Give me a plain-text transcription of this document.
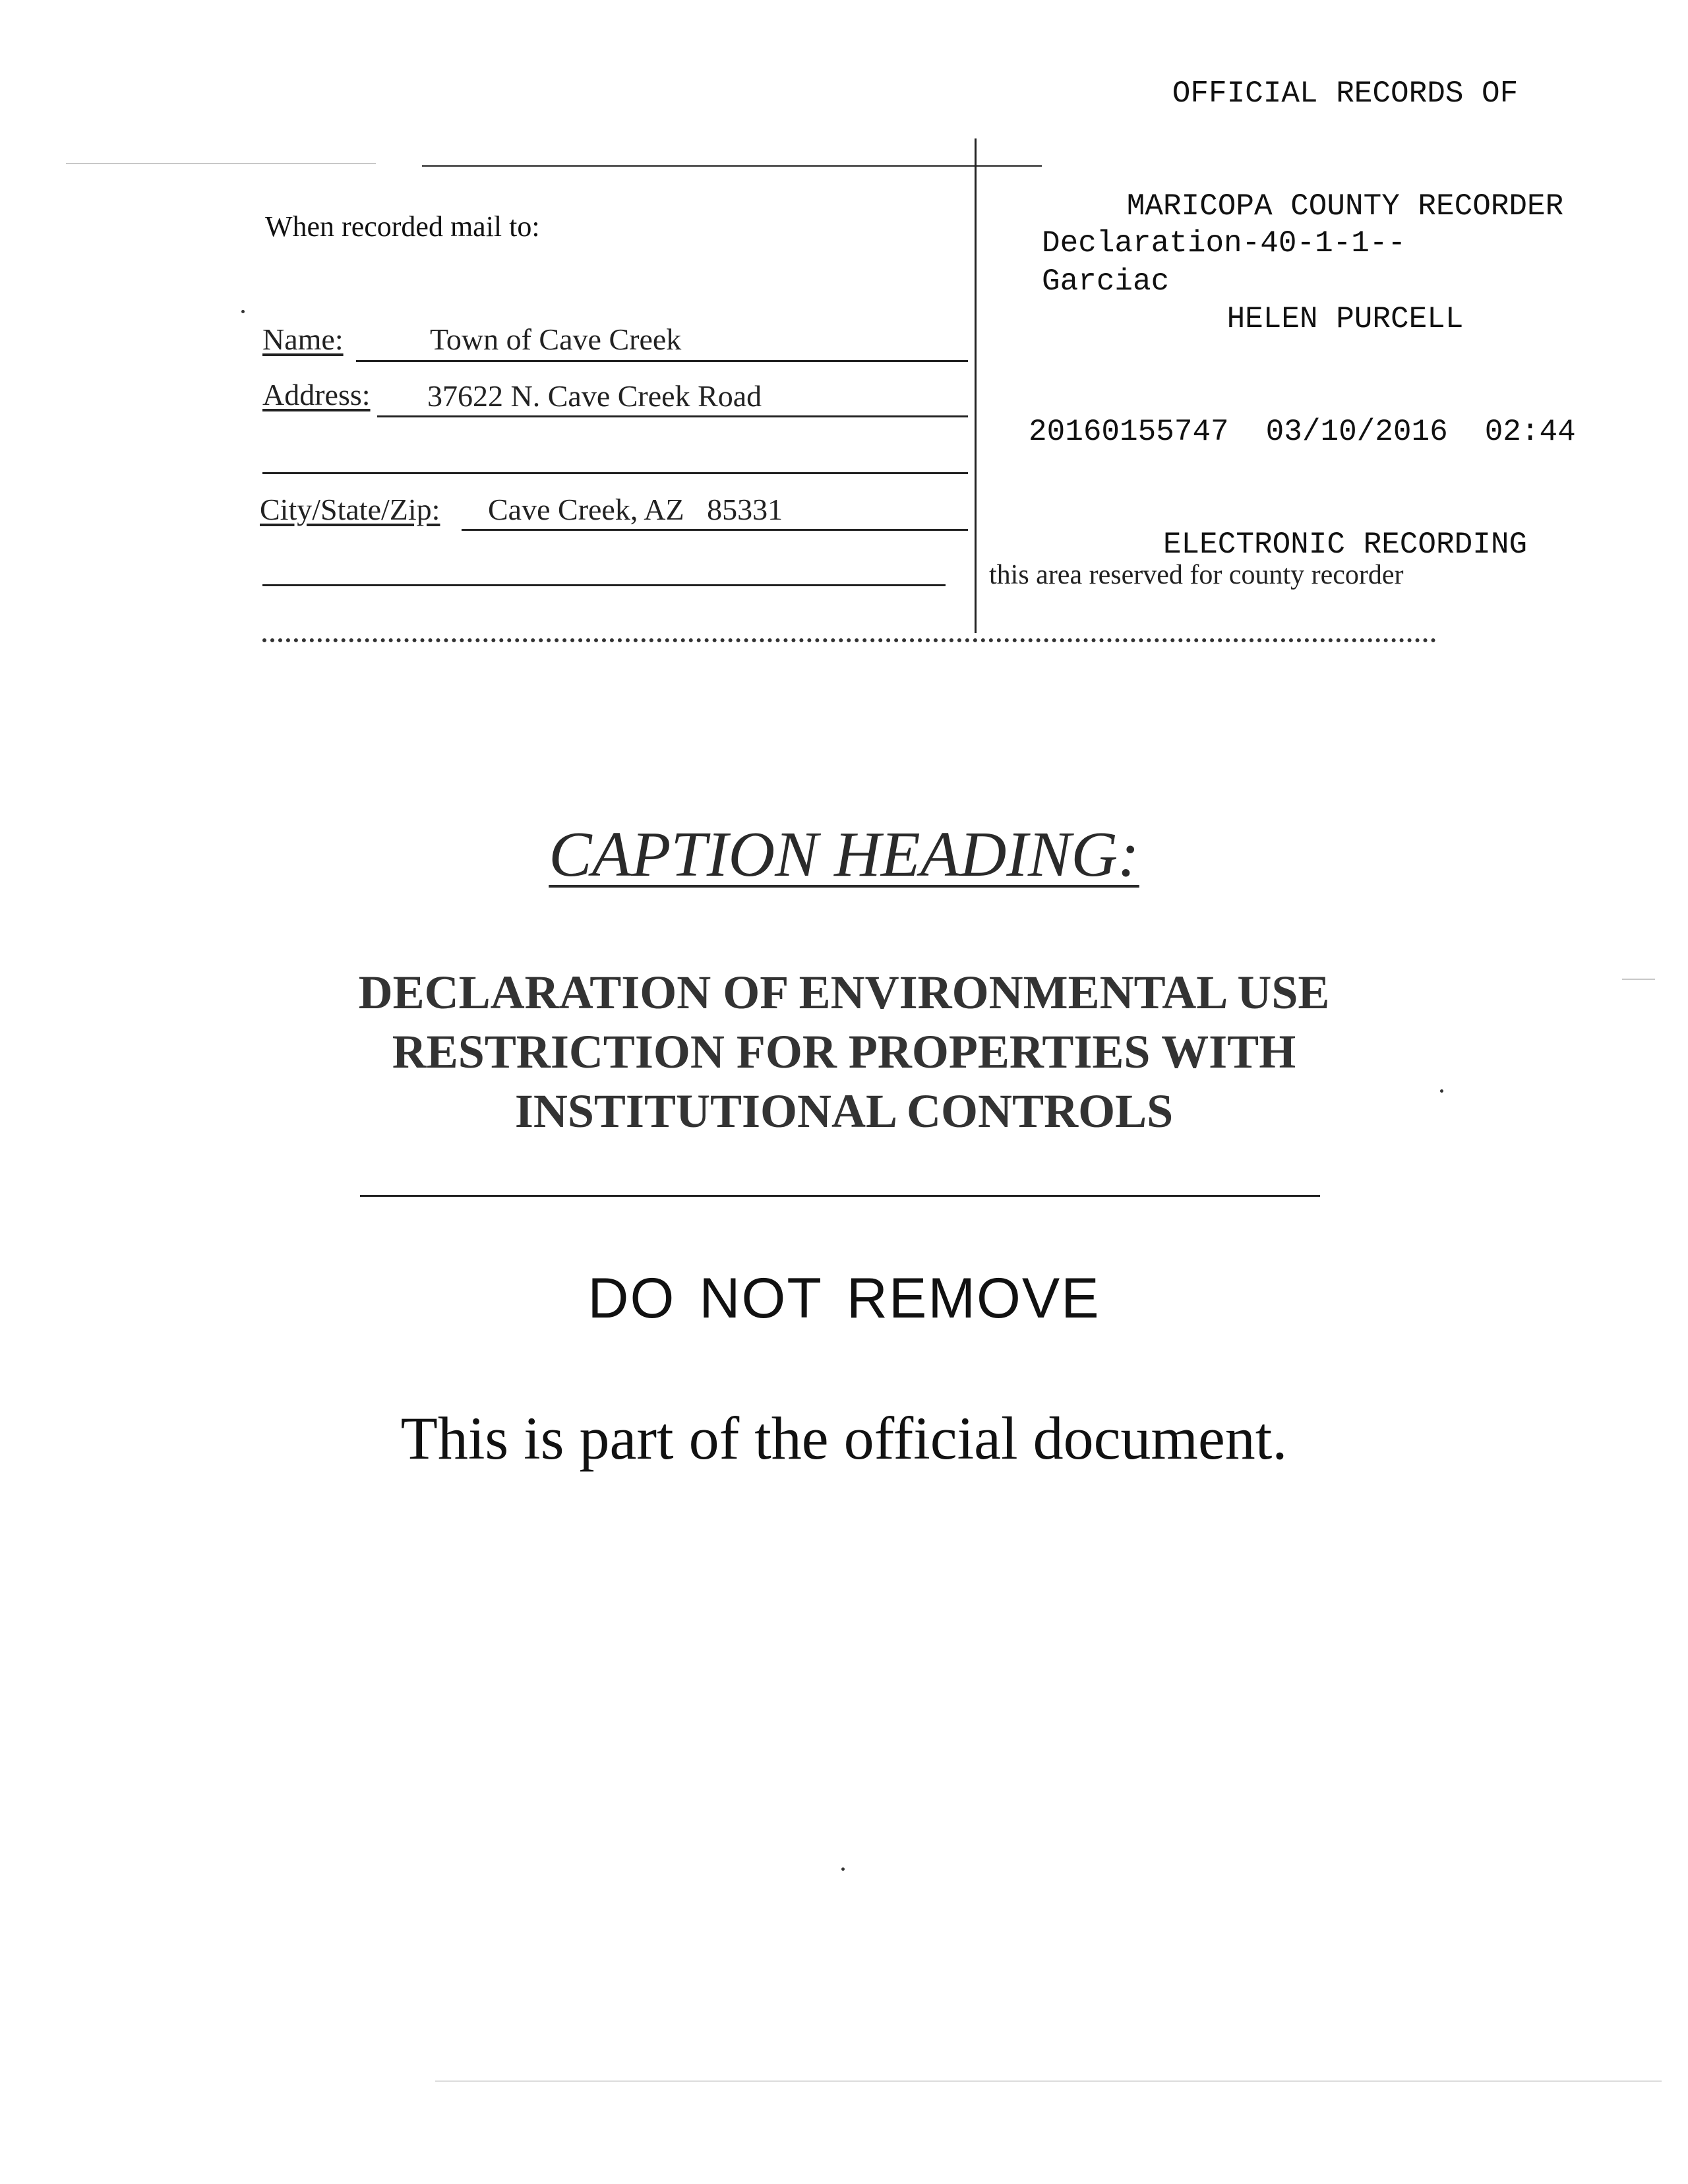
OFFICIAL RECORDS OF

MARICOPA COUNTY RECORDER

HELEN PURCELL

20160155747 03/10/2016 02:44

ELECTRONIC RECORDING

Declaration-40-1-1--
Garciac
When recorded mail to:
Name:	Town of Cave Creek
Address: 37622 N. Cave Creek Road
City/State/Zip: Cave Creek, AZ   85331
this area reserved for county recorder
CAPTION HEADING:
DECLARATION OF ENVIRONMENTAL USE
RESTRICTION FOR PROPERTIES WITH
INSTITUTIONAL CONTROLS
DO NOT REMOVE
This is part of the official document.
